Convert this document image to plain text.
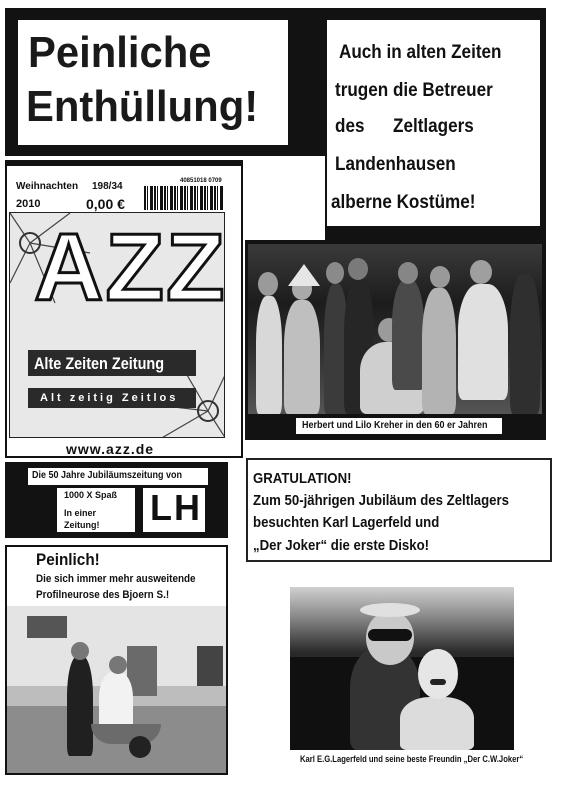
Peinliche
Enthüllung!
Auch in alten Zeiten
trugen die Betreuer
des Zeltlagers
Landenhausen
alberne Kostüme!
Weihnachten 198/34
2010	0,00 €
40851018 0709
AZZ
Alte Zeiten Zeitung
Alt zeitig Zeitlos
www.azz.de
Herbert und Lilo Kreher in den 60 er Jahren
Die 50 Jahre Jubiläumszeitung von
1000 X Spaß
In einer
Zeitung! LH
GRATULATION!
Zum 50-jährigen Jubiläum des Zeltlagers
besuchten Karl Lagerfeld und
„Der Joker“ die erste Disko!
Peinlich!
Die sich immer mehr ausweitende
Profilneurose des Bjoern S.!
Karl E.G.Lagerfeld und seine beste Freundin „Der C.W.Joker“
